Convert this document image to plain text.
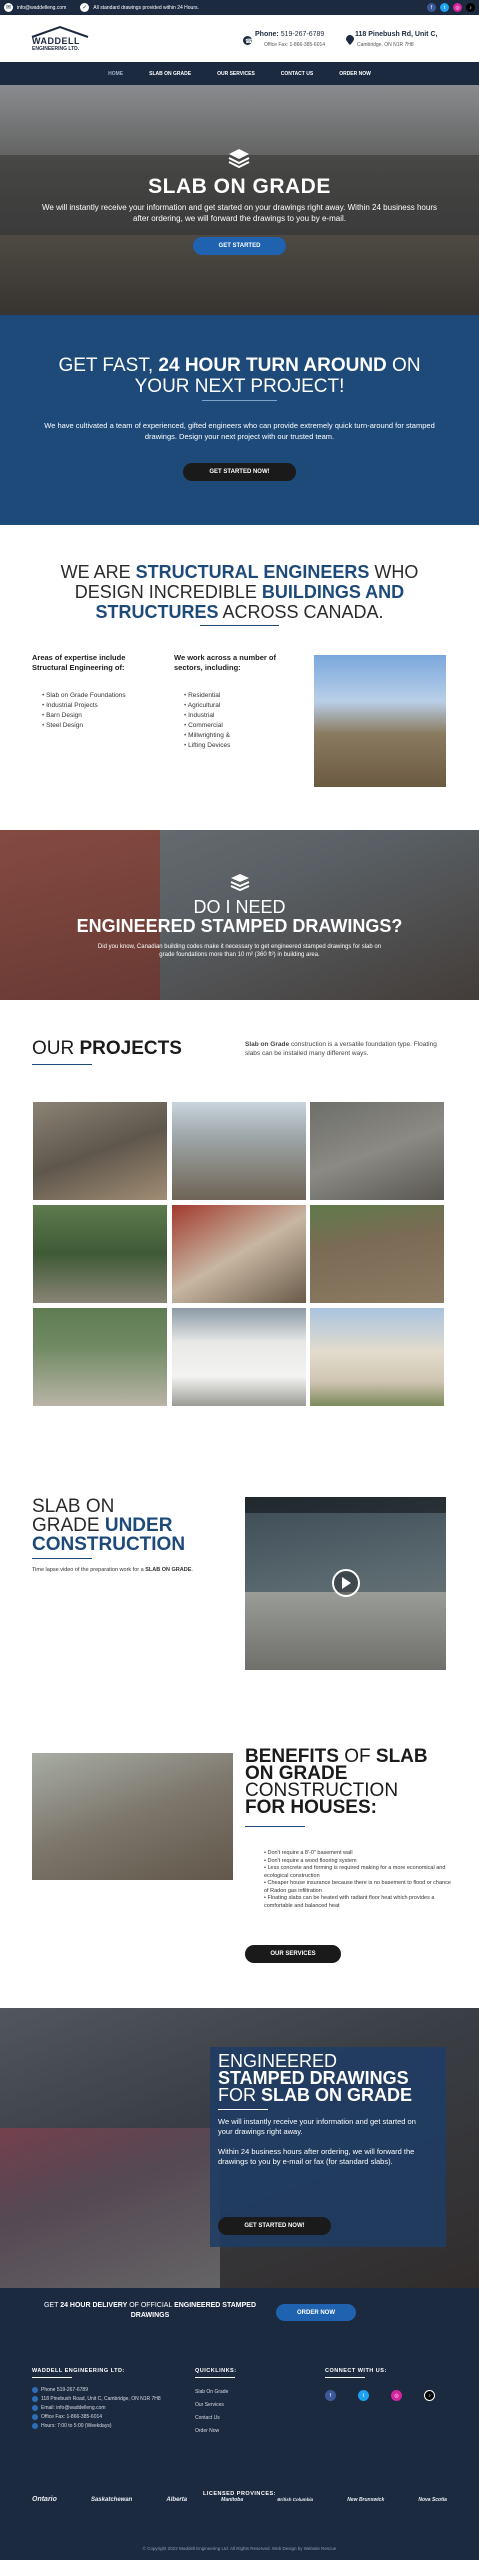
✉	info@waddelleng.com	✓	All standard drawings provided within 24 Hours.	f	t	◎	♪
WADDELL
ENGINEERING LTD.
☎
Phone: 519-267-6789
Office Fax: 1-866-385-6014
118 Pinebush Rd, Unit C,
Cambridge, ON N1R 7H8
HOME	SLAB ON GRADE	OUR SERVICES	CONTACT US	ORDER NOW
SLAB ON GRADE
We will instantly receive your information and get started on your drawings right away. Within 24 business hours after ordering, we will forward the drawings to you by e-mail.
GET STARTED
GET FAST, 24 HOUR TURN AROUND ON YOUR NEXT PROJECT!
We have cultivated a team of experienced, gifted engineers who can provide extremely quick turn-around for stamped drawings. Design your next project with our trusted team.
GET STARTED NOW!
WE ARE STRUCTURAL ENGINEERS WHO DESIGN INCREDIBLE BUILDINGS AND STRUCTURES ACROSS CANADA.
Areas of expertise include Structural Engineering of:
• Slab on Grade Foundations
• Industrial Projects
• Barn Design
• Steel Design
We work across a number of sectors, including:
• Residential
• Agricultural
• Industrial
• Commercial
• Millwrighting &
• Lifting Devices
DO I NEED
ENGINEERED STAMPED DRAWINGS?
Did you know, Canadian building codes make it necessary to get engineered stamped drawings for slab on grade foundations more than 10 m² (360 ft²) in building area.
OUR PROJECTS	Slab on Grade construction is a versatile foundation type. Floating slabs can be installed many different ways.
SLAB ON
GRADE UNDER
CONSTRUCTION
Time lapse video of the preparation work for a SLAB ON GRADE.
BENEFITS OF SLAB
ON GRADE
CONSTRUCTION
FOR HOUSES:
• Don't require a 8'-0" basement wall
• Don't require a wood flooring system
• Less concrete and forming is required making for a more economical and ecological construction
• Cheaper house insurance because there is no basement to flood or chance of Radon gas infiltration
• Floating slabs can be heated with radiant floor heat which provides a comfortable and balanced heat
OUR SERVICES
ENGINEERED
STAMPED DRAWINGS
FOR SLAB ON GRADE
We will instantly receive your information and get started on your drawings right away.
Within 24 business hours after ordering, we will forward the drawings to you by e-mail or fax (for standard slabs).
GET STARTED NOW!
GET 24 HOUR DELIVERY OF OFFICIAL ENGINEERED STAMPED
DRAWINGS	ORDER NOW
WADDELL ENGINEERING LTD:
Phone 519-267-6789
118 Pinebush Road, Unit C, Cambridge, ON N1R 7H8
Email: info@waddelleng.com
Office Fax: 1-866-385-6014
Hours: 7:00 to 5:00 (Weekdays)
QUICKLINKS:
Slab On Grade
Our Services
Contact Us
Order Now
CONNECT WITH US:
f	t	◎	♪
LICENSED PROVINCES:
Ontario	Saskatchewan	Alberta	Manitoba	British Columbia	New Brunswick	Nova Scotia
© Copyright 2023 Waddell Engineering Ltd. All Rights Reserved. Web Design by Website Rescue
